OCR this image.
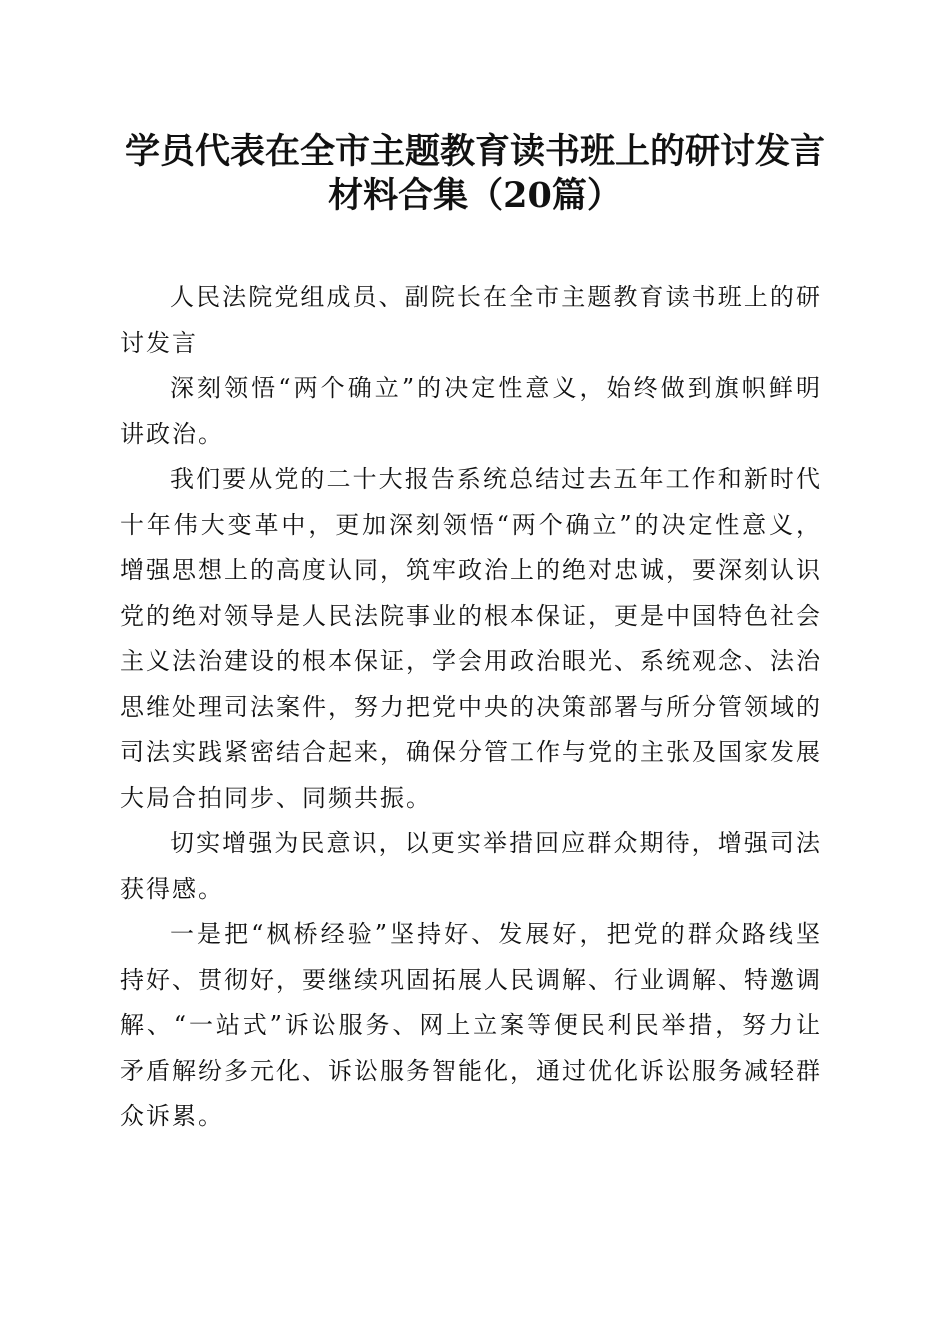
学员代表在全市主题教育读书班上的研讨发言
材料合集（20篇）

人民法院党组成员、副院长在全市主题教育读书班上的研讨发言

深刻领悟“两个确立”的决定性意义，始终做到旗帜鲜明讲政治。

我们要从党的二十大报告系统总结过去五年工作和新时代十年伟大变革中，更加深刻领悟“两个确立”的决定性意义，增强思想上的高度认同，筑牢政治上的绝对忠诚，要深刻认识党的绝对领导是人民法院事业的根本保证，更是中国特色社会主义法治建设的根本保证，学会用政治眼光、系统观念、法治思维处理司法案件，努力把党中央的决策部署与所分管领域的司法实践紧密结合起来，确保分管工作与党的主张及国家发展大局合拍同步、同频共振。

切实增强为民意识，以更实举措回应群众期待，增强司法获得感。

一是把“枫桥经验”坚持好、发展好，把党的群众路线坚持好、贯彻好，要继续巩固拓展人民调解、行业调解、特邀调解、“一站式”诉讼服务、网上立案等便民利民举措，努力让矛盾解纷多元化、诉讼服务智能化，通过优化诉讼服务减轻群众诉累。
